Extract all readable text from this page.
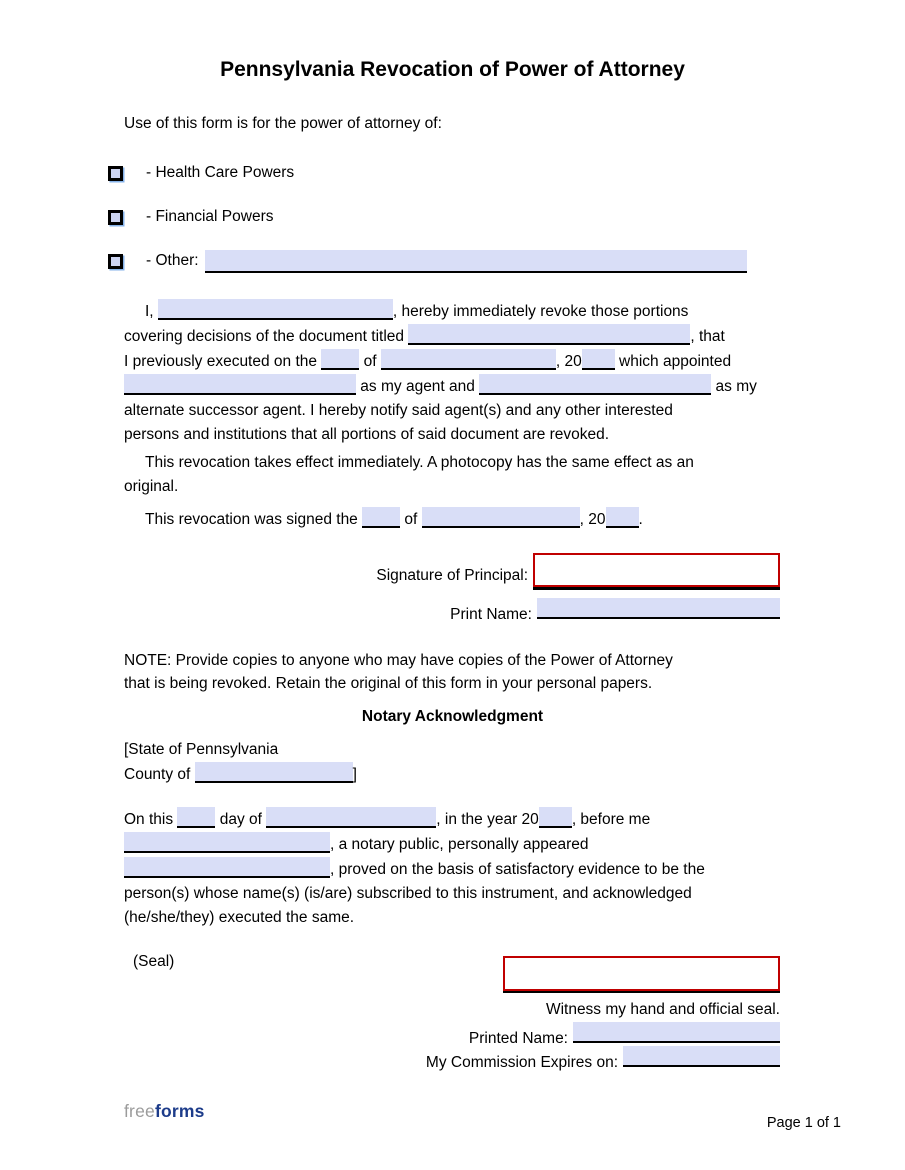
Pennsylvania Revocation of Power of Attorney
Use of this form is for the power of attorney of:
- Health Care Powers
- Financial Powers
- Other:
I,	, hereby immediately revoke those portions
covering decisions of the document titled	, that
I previously executed on the  of	, 20 which appointed
as my agent and	as my
alternate successor agent. I hereby notify said agent(s) and any other interested
persons and institutions that all portions of said document are revoked.
This revocation takes effect immediately. A photocopy has the same effect as an
original.
This revocation was signed the  of	, 20 .
Signature of Principal:
Print Name:
NOTE: Provide copies to anyone who may have copies of the Power of Attorney
that is being revoked. Retain the original of this form in your personal papers.
Notary Acknowledgment
[State of Pennsylvania
County of	]
On this  day of	, in the year 20 , before me
, a notary public, personally appeared
, proved on the basis of satisfactory evidence to be the
person(s) whose name(s) (is/are) subscribed to this instrument, and acknowledged
(he/she/they) executed the same.
(Seal)
Witness my hand and official seal.
Printed Name:
My Commission Expires on:
freeforms
Page 1 of 1
